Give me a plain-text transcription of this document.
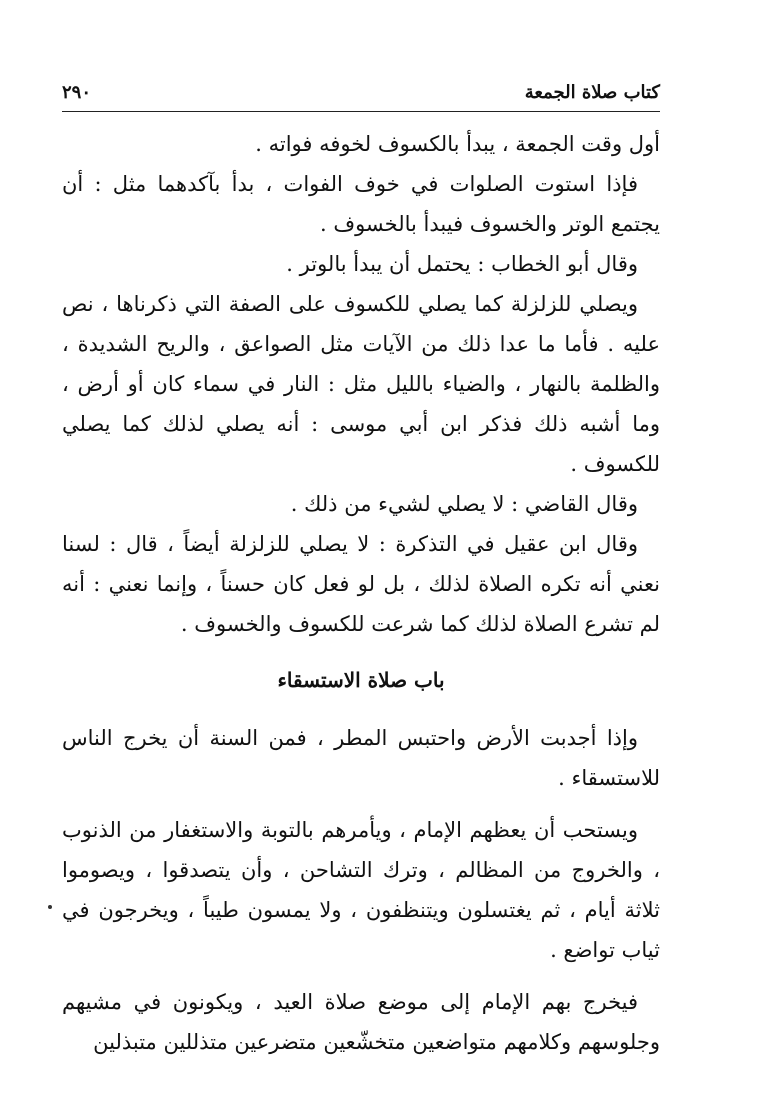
كتاب صلاة الجمعة
٢٩٠

أول وقت الجمعة ، يبدأ بالكسوف لخوفه فواته .

فإذا استوت الصلوات في خوف الفوات ، بدأ بآكدهما مثل : أن يجتمع الوتر والخسوف فيبدأ بالخسوف .

وقال أبو الخطاب : يحتمل أن يبدأ بالوتر .

ويصلي للزلزلة كما يصلي للكسوف على الصفة التي ذكرناها ، نص عليه . فأما ما عدا ذلك من الآيات مثل الصواعق ، والريح الشديدة ، والظلمة بالنهار ، والضياء بالليل مثل : النار في سماء كان أو أرض ، وما أشبه ذلك فذكر ابن أبي موسى : أنه يصلي لذلك كما يصلي للكسوف .

وقال القاضي : لا يصلي لشيء من ذلك .

وقال ابن عقيل في التذكرة : لا يصلي للزلزلة أيضاً ، قال : لسنا نعني أنه تكره الصلاة لذلك ، بل لو فعل كان حسناً ، وإنما نعني : أنه لم تشرع الصلاة لذلك كما شرعت للكسوف والخسوف .

باب صلاة الاستسقاء

وإذا أجدبت الأرض واحتبس المطر ، فمن السنة أن يخرج الناس للاستسقاء .

ويستحب أن يعظهم الإمام ، ويأمرهم بالتوبة والاستغفار من الذنوب ، والخروج من المظالم ، وترك التشاحن ، وأن يتصدقوا ، ويصوموا ثلاثة أيام ، ثم يغتسلون ويتنظفون ، ولا يمسون طيباً ، ويخرجون في ثياب تواضع .

فيخرج بهم الإمام إلى موضع صلاة العيد ، ويكونون في مشيهم وجلوسهم وكلامهم متواضعين متخشّعين متضرعين متذللين متبذلين
